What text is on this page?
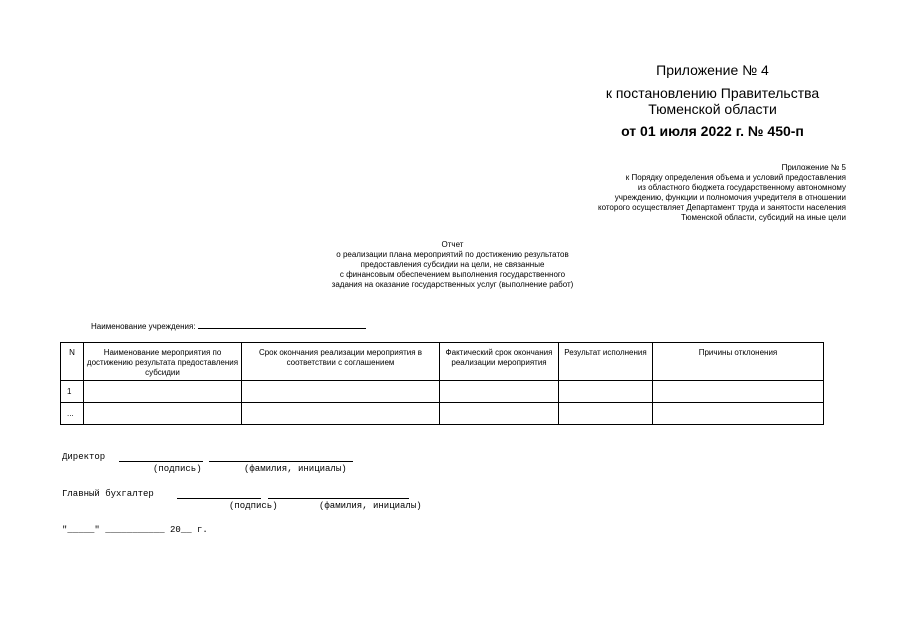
Приложение № 4
к постановлению Правительства
Тюменской области
от 01 июля 2022 г. № 450-п
Приложение № 5
к Порядку определения объема и условий предоставления
из областного бюджета государственному автономному
учреждению, функции и полномочия учредителя в отношении
которого осуществляет Департамент труда и занятости населения
Тюменской области, субсидий на иные цели
Отчет
о реализации плана мероприятий по достижению результатов
предоставления субсидии на цели, не связанные
с финансовым обеспечением выполнения государственного
задания на оказание государственных услуг (выполнение работ)
Наименование учреждения:
N	Наименование мероприятия по достижению результата предоставления субсидии	Срок окончания реализации мероприятия в соответствии с соглашением	Фактический срок окончания реализации мероприятия	Результат исполнения	Причины отклонения
1					
...					
Директор
(подпись)	(фамилия, инициалы)
Главный бухгалтер
(подпись)	(фамилия, инициалы)
"_____" ___________ 20__ г.
